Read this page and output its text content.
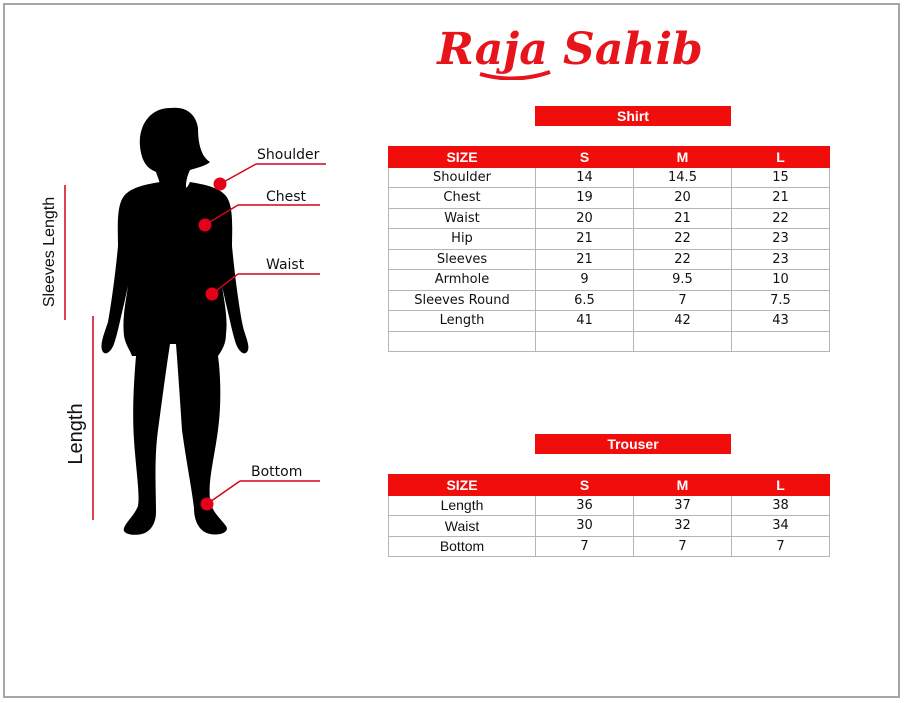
Raja Sahib
Sleeves Length
Length
Shoulder
Chest
Waist
Bottom
Shirt
SIZE	S	M	L
Shoulder	14	14.5	15
Chest	19	20	21
Waist	20	21	22
Hip	21	22	23
Sleeves	21	22	23
Armhole	9	9.5	10
Sleeves Round	6.5	7	7.5
Length	41	42	43

Trouser
SIZE	S	M	L
Length	36	37	38
Waist	30	32	34
Bottom	7	7	7
